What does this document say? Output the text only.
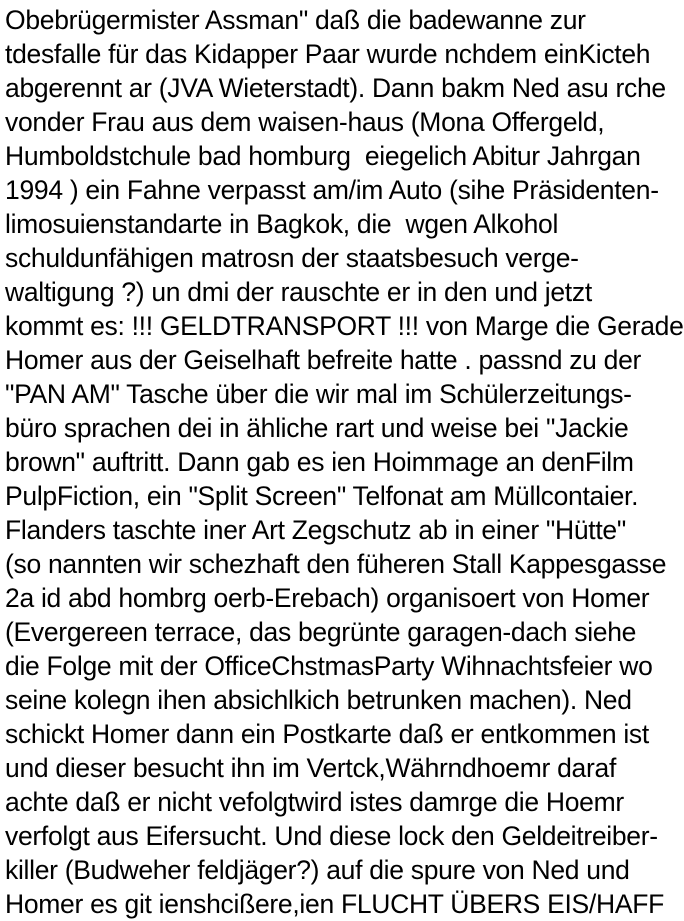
Obebrügermister Assman" daß die badewanne zur
tdesfalle für das Kidapper Paar wurde nchdem einKicteh
abgerennt ar (JVA Wieterstadt). Dann bakm Ned asu rche
vonder Frau aus dem waisen-haus (Mona Offergeld,
Humboldstchule bad homburg  eiegelich Abitur Jahrgan
1994 ) ein Fahne verpasst am/im Auto (sihe Präsidenten-
limosuienstandarte in Bagkok, die  wgen Alkohol
schuldunfähigen matrosn der staatsbesuch verge-
waltigung ?) un dmi der rauschte er in den und jetzt
kommt es: !!! GELDTRANSPORT !!! von Marge die Gerade
Homer aus der Geiselhaft befreite hatte . passnd zu der
"PAN AM" Tasche über die wir mal im Schülerzeitungs-
büro sprachen dei in ähliche rart und weise bei "Jackie
brown" auftritt. Dann gab es ien Hoimmage an denFilm
PulpFiction, ein "Split Screen" Telfonat am Müllcontaier.
Flanders taschte iner Art Zegschutz ab in einer "Hütte"
(so nannten wir schezhaft den füheren Stall Kappesgasse
2a id abd hombrg oerb-Erebach) organisoert von Homer
(Evergereen terrace, das begrünte garagen-dach siehe
die Folge mit der OfficeChstmasParty Wihnachtsfeier wo
seine kolegn ihen absichlkich betrunken machen). Ned
schickt Homer dann ein Postkarte daß er entkommen ist
und dieser besucht ihn im Vertck,Währndhoemr daraf
achte daß er nicht vefolgtwird istes damrge die Hoemr
verfolgt aus Eifersucht. Und diese lock den Geldeitreiber-
killer (Budweher feldjäger?) auf die spure von Ned und
Homer es git ienshcißere,ien FLUCHT ÜBERS EIS/HAFF
